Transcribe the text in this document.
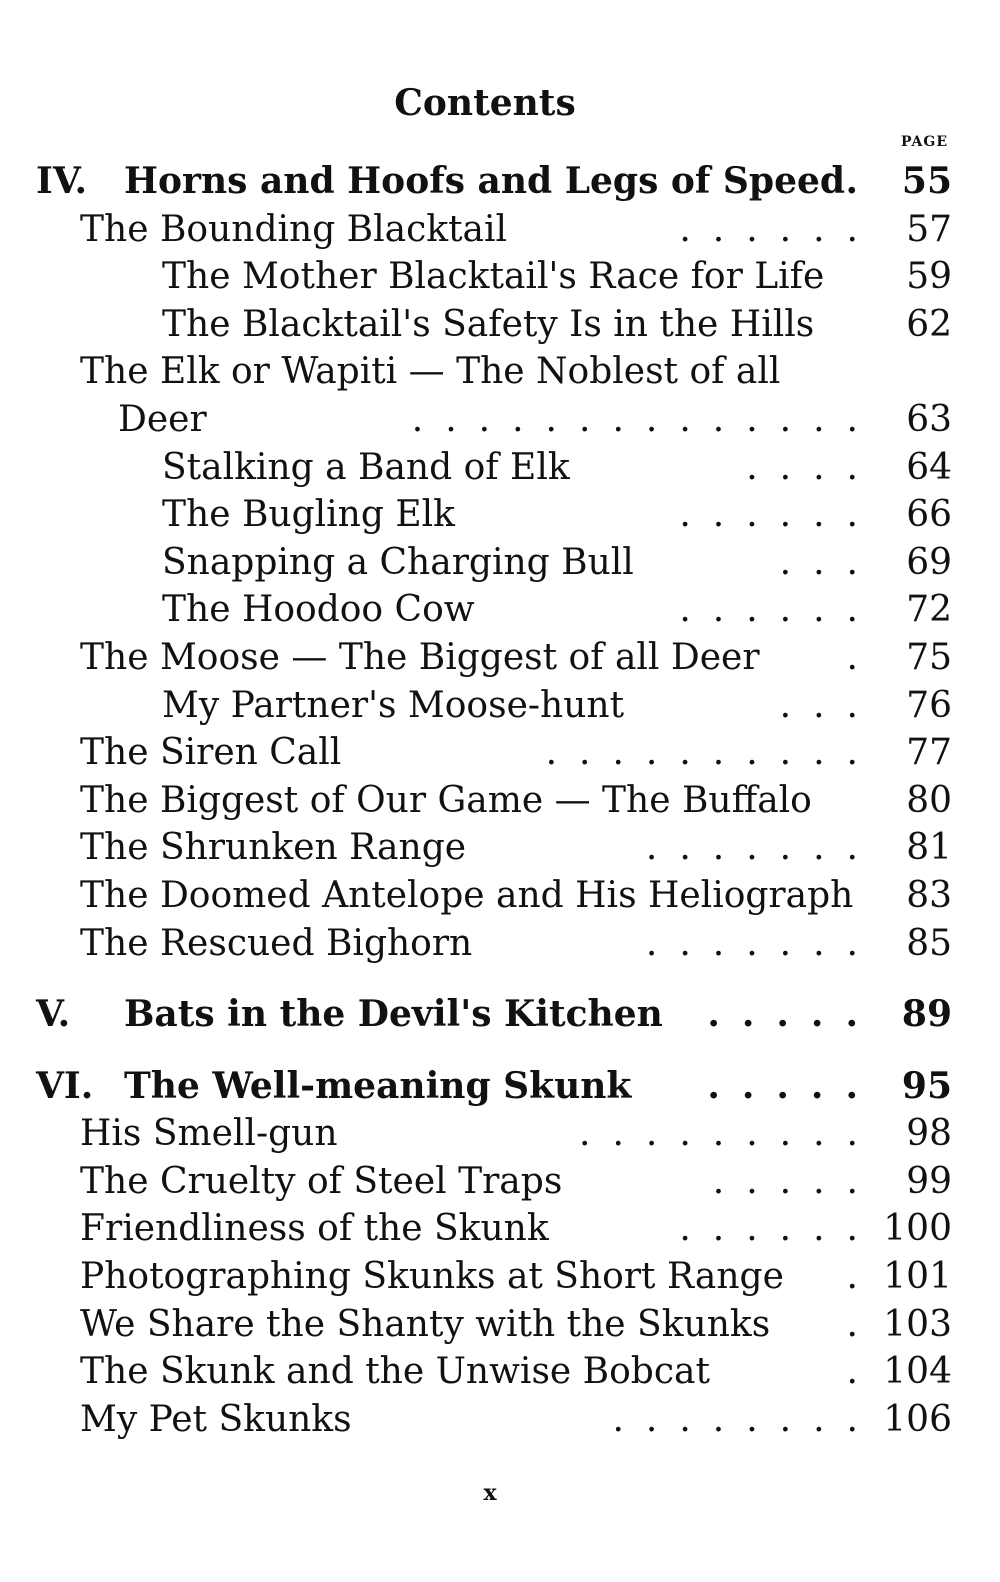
Contents
PAGE
IV. Horns and Hoofs and Legs of Speed . 55
The Bounding Blacktail	...... 57
The Mother Blacktail's Race for Life 59
The Blacktail's Safety Is in the Hills	62
The Elk or Wapiti — The Noblest of all
Deer	.............. 63
Stalking a Band of Elk	.... 64
The Bugling Elk	...... 66
Snapping a Charging Bull	... 69
The Hoodoo Cow	...... 72
The Moose — The Biggest of all Deer . 75
My Partner's Moose-hunt	... 76
The Siren Call	.......... 77
The Biggest of Our Game — The Buffalo	80
The Shrunken Range	....... 81
The Doomed Antelope and His Heliograph 83
The Rescued Bighorn	....... 85
V. Bats in the Devil's Kitchen ..... 89
VI. The Well-meaning Skunk ..... 95
His Smell-gun	......... 98
The Cruelty of Steel Traps	..... 99
Friendliness of the Skunk	...... 100
Photographing Skunks at Short Range . 101
We Share the Shanty with the Skunks . 103
The Skunk and the Unwise Bobcat	. 104
My Pet Skunks	........ 106
x
